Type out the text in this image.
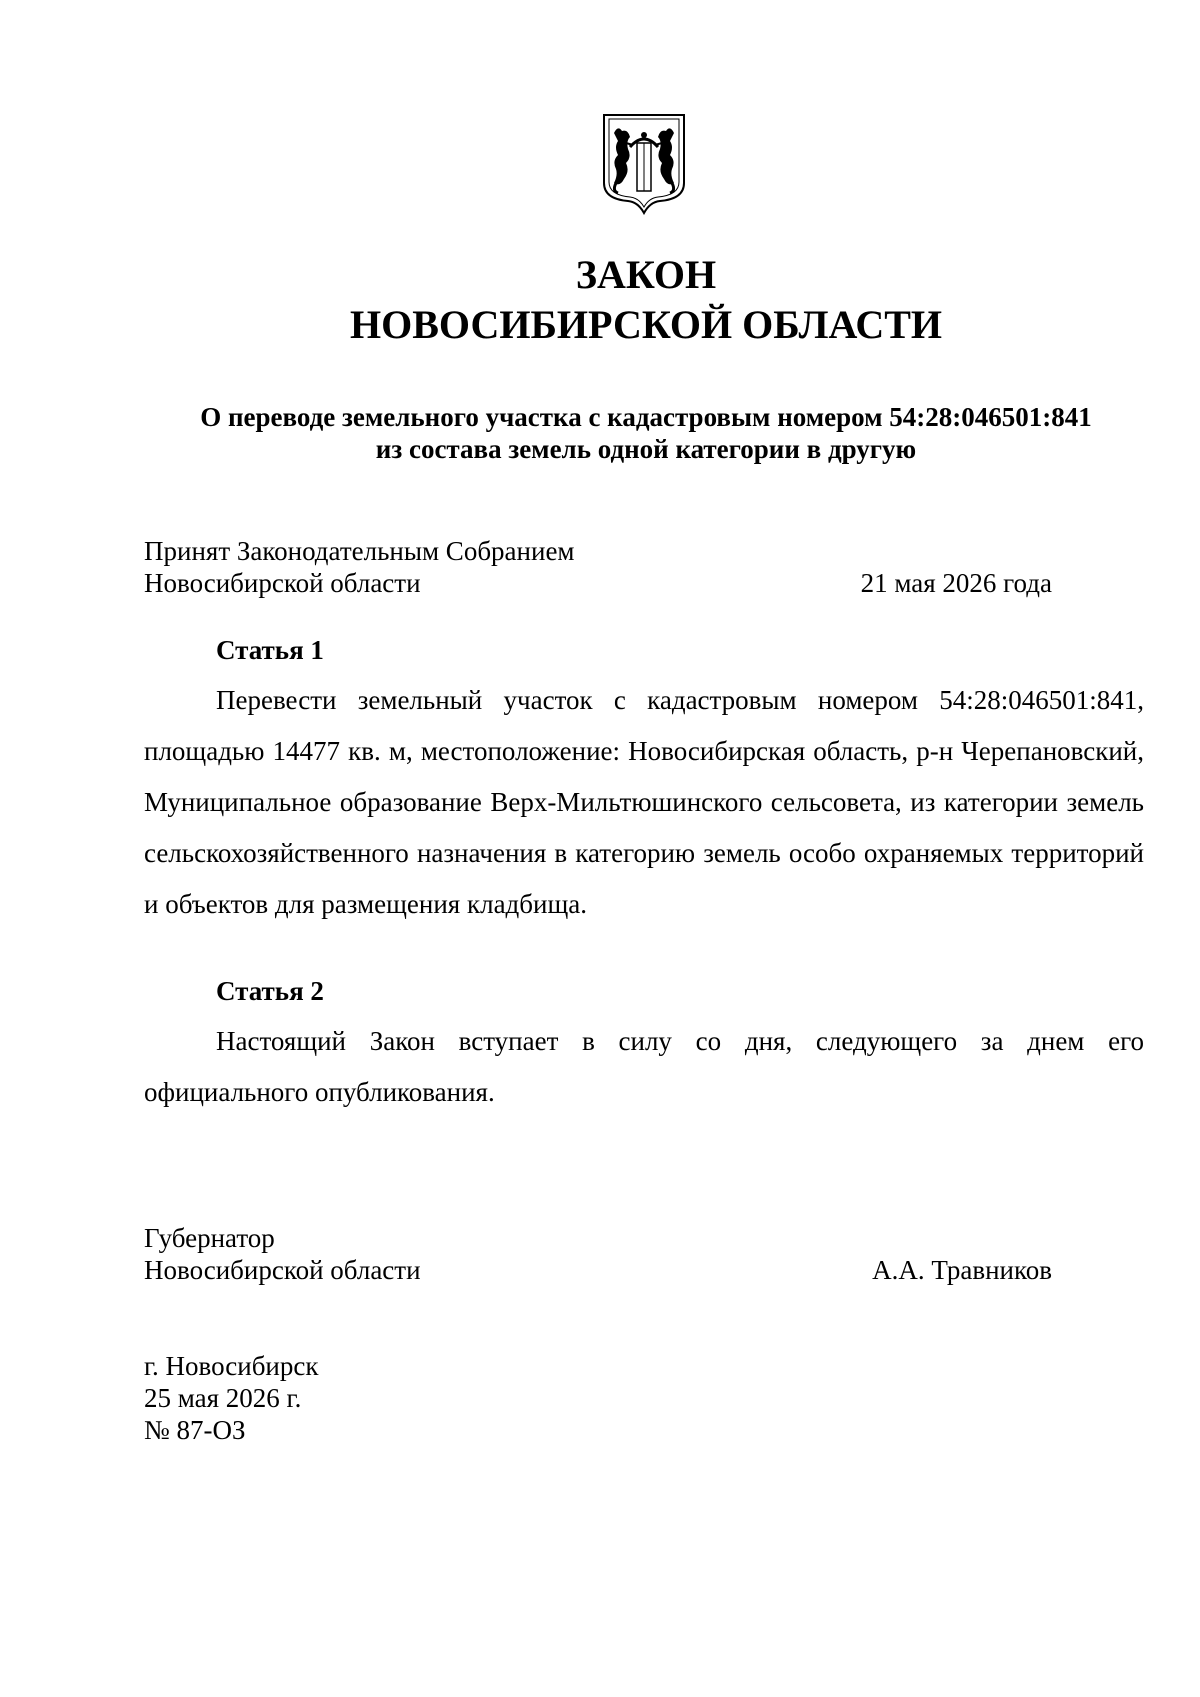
ЗАКОН
НОВОСИБИРСКОЙ ОБЛАСТИ
О переводе земельного участка с кадастровым номером 54:28:046501:841
из состава земель одной категории в другую
Принят Законодательным Собранием
Новосибирской области	21 мая 2026 года
Статья 1
Перевести земельный участок с кадастровым номером 54:28:046501:841, площадью 14477 кв. м, местоположение: Новосибирская область, р-н Черепановский, Муниципальное образование Верх-Мильтюшинского сельсовета, из категории земель сельскохозяйственного назначения в категорию земель особо охраняемых территорий и объектов для размещения кладбища.
Статья 2
Настоящий Закон вступает в силу со дня, следующего за днем его официального опубликования.
Губернатор
Новосибирской области	А.А. Травников
г. Новосибирск
25 мая 2026 г.
№ 87-ОЗ
